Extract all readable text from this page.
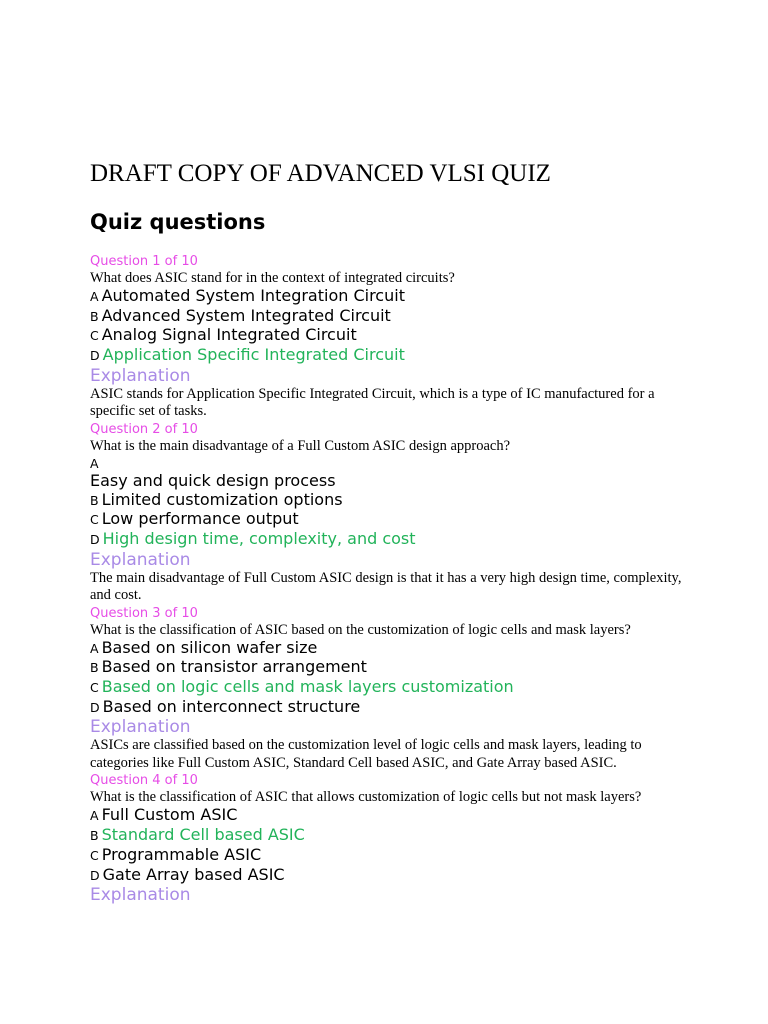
DRAFT COPY OF ADVANCED VLSI QUIZ
Quiz questions
Question 1 of 10
What does ASIC stand for in the context of integrated circuits?
A Automated System Integration Circuit
B Advanced System Integrated Circuit
C Analog Signal Integrated Circuit
D Application Specific Integrated Circuit
Explanation
ASIC stands for Application Specific Integrated Circuit, which is a type of IC manufactured for a specific set of tasks.
Question 2 of 10
What is the main disadvantage of a Full Custom ASIC design approach?
A
Easy and quick design process
B Limited customization options
C Low performance output
D High design time, complexity, and cost
Explanation
The main disadvantage of Full Custom ASIC design is that it has a very high design time, complexity, and cost.
Question 3 of 10
What is the classification of ASIC based on the customization of logic cells and mask layers?
A Based on silicon wafer size
B Based on transistor arrangement
C Based on logic cells and mask layers customization
D Based on interconnect structure
Explanation
ASICs are classified based on the customization level of logic cells and mask layers, leading to categories like Full Custom ASIC, Standard Cell based ASIC, and Gate Array based ASIC.
Question 4 of 10
What is the classification of ASIC that allows customization of logic cells but not mask layers?
A Full Custom ASIC
B Standard Cell based ASIC
C Programmable ASIC
D Gate Array based ASIC
Explanation
